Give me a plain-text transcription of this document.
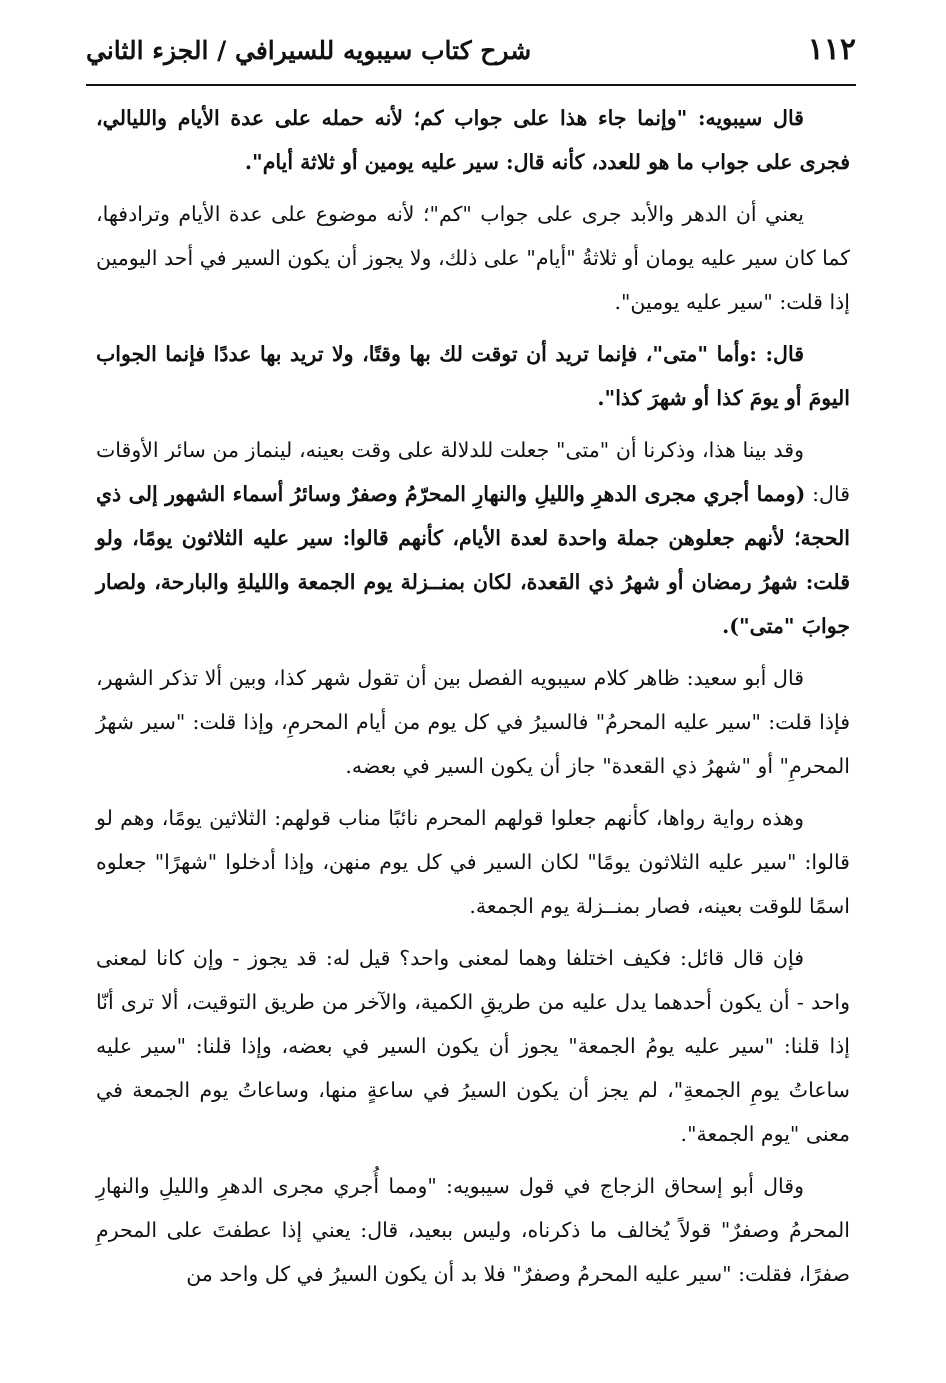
١١٢
شرح كتاب سيبويه للسيرافي / الجزء الثاني

قال سيبويه: "وإنما جاء هذا على جواب كم؛ لأنه حمله على عدة الأيام والليالي، فجرى على جواب ما هو للعدد، كأنه قال: سير عليه يومين أو ثلاثة أيام".

يعني أن الدهر والأبد جرى على جواب "كم"؛ لأنه موضوع على عدة الأيام وترادفها، كما كان سير عليه يومان أو ثلاثةُ "أيام" على ذلك، ولا يجوز أن يكون السير في أحد اليومين إذا قلت: "سير عليه يومين".

قال: :وأما "متى"، فإنما تريد أن توقت لك بها وقتًا، ولا تريد بها عددًا فإنما الجواب اليومَ أو يومَ كذا أو شهرَ كذا".

وقد بينا هذا، وذكرنا أن "متى" جعلت للدلالة على وقت بعينه، لينماز من سائر الأوقات قال: (ومما أجري مجرى الدهرِ والليلِ والنهارِ المحرّمُ وصفرٌ وسائرُ أسماء الشهور إلى ذي الحجة؛ لأنهم جعلوهن جملة واحدة لعدة الأيام، كأنهم قالوا: سير عليه الثلاثون يومًا، ولو قلت: شهرُ رمضان أو شهرُ ذي القعدة، لكان بمنــزلة يوم الجمعة والليلةِ والبارحة، ولصار جوابَ "متى").

قال أبو سعيد: ظاهر كلام سيبويه الفصل بين أن تقول شهر كذا، وبين ألا تذكر الشهر، فإذا قلت: "سير عليه المحرمُ" فالسيرُ في كل يوم من أيام المحرمِ، وإذا قلت: "سير شهرُ المحرمِ" أو "شهرُ ذي القعدة" جاز أن يكون السير في بعضه.

وهذه رواية رواها، كأنهم جعلوا قولهم المحرم نائبًا مناب قولهم: الثلاثين يومًا، وهم لو قالوا: "سير عليه الثلاثون يومًا" لكان السير في كل يوم منهن، وإذا أدخلوا "شهرًا" جعلوه اسمًا للوقت بعينه، فصار بمنــزلة يوم الجمعة.

فإن قال قائل: فكيف اختلفا وهما لمعنى واحد؟ قيل له: قد يجوز - وإن كانا لمعنى واحد - أن يكون أحدهما يدل عليه من طريقِ الكمية، والآخر من طريق التوقيت، ألا ترى أنّا إذا قلنا: "سير عليه يومُ الجمعة" يجوز أن يكون السير في بعضه، وإذا قلنا: "سير عليه ساعاتُ يومِ الجمعةِ"، لم يجز أن يكون السيرُ في ساعةٍ منها، وساعاتُ يوم الجمعة في معنى "يوم الجمعة".

وقال أبو إسحاق الزجاج في قول سيبويه: "ومما أُجري مجرى الدهرِ والليلِ والنهارِ المحرمُ وصفرٌ" قولاً يُخالف ما ذكرناه، وليس ببعيد، قال: يعني إذا عطفتَ على المحرمِ صفرًا، فقلت: "سير عليه المحرمُ وصفرٌ" فلا بد أن يكون السيرُ في كل واحد من
